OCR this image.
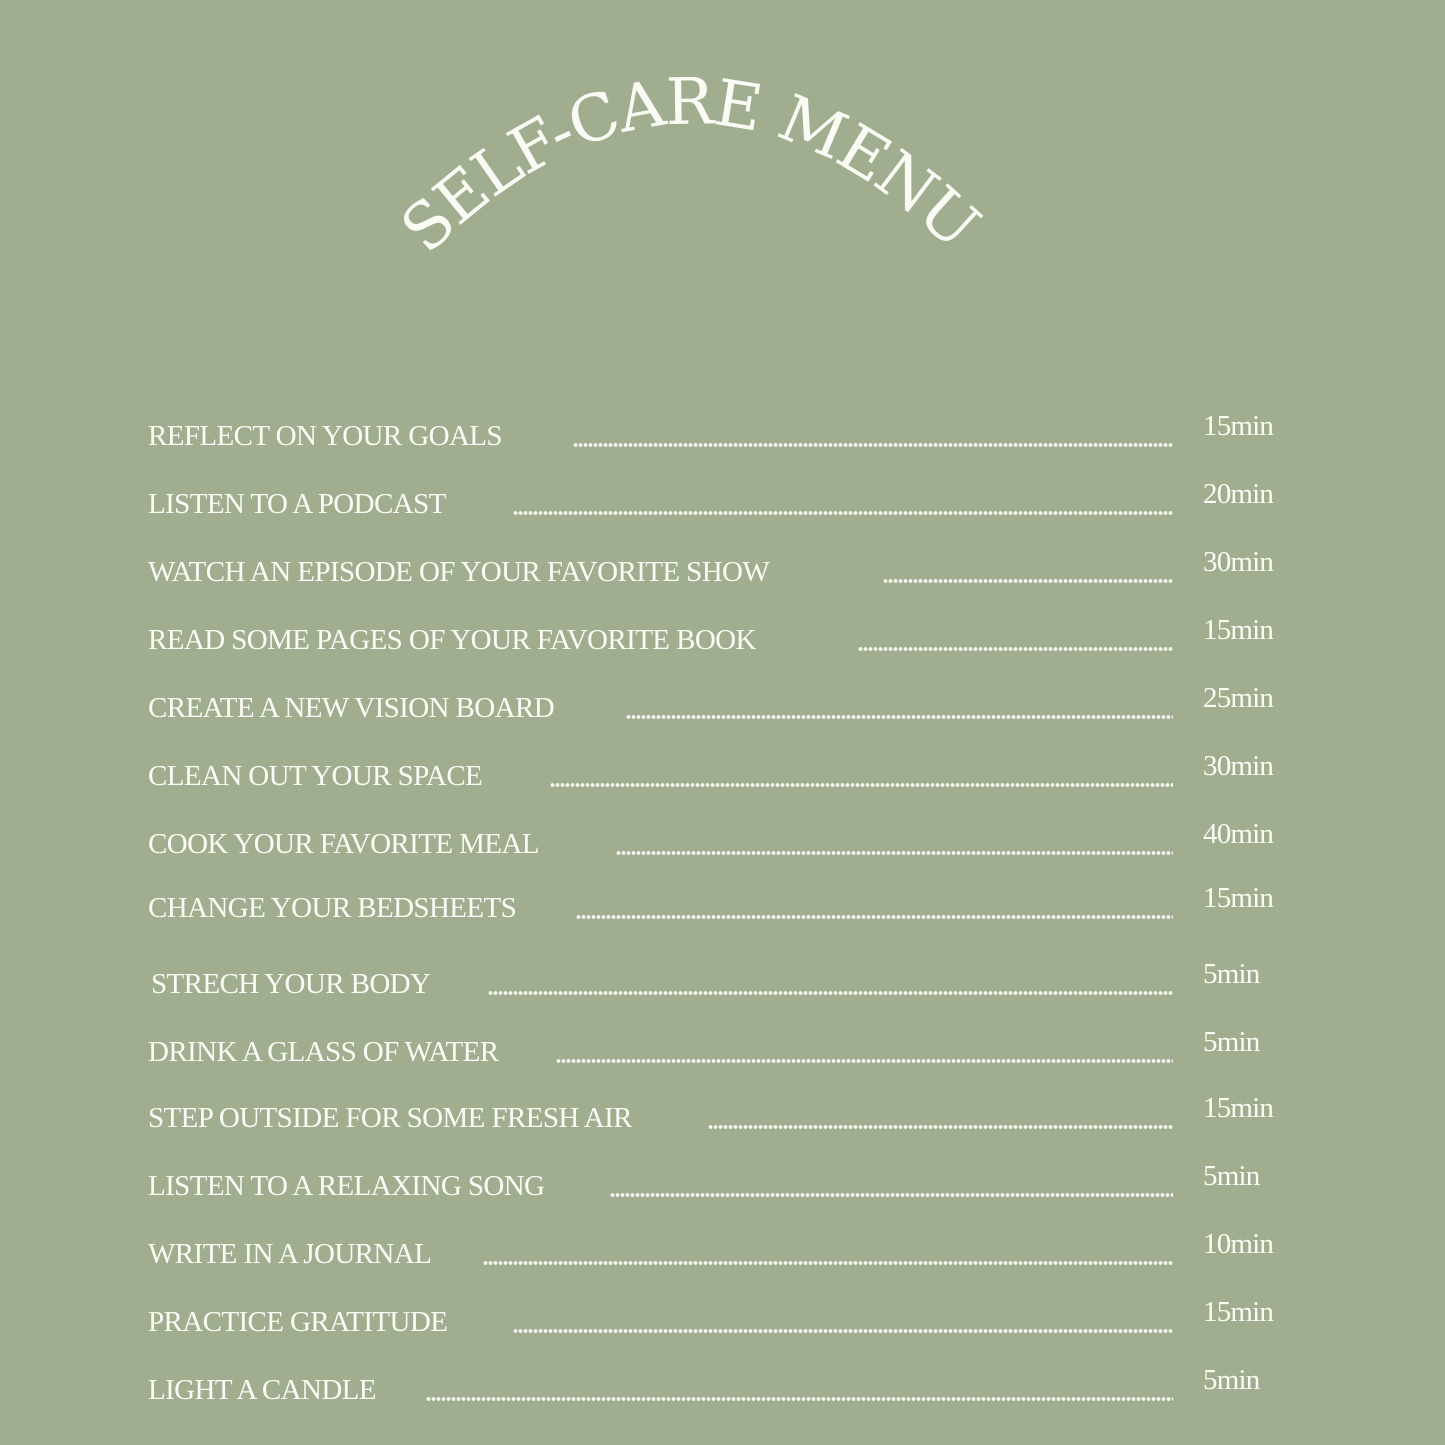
SELF-CARE MENU
REFLECT ON YOUR GOALS	15min
LISTEN TO A PODCAST	20min
WATCH AN EPISODE OF YOUR FAVORITE SHOW	30min
READ SOME PAGES OF YOUR FAVORITE BOOK	15min
CREATE A NEW VISION BOARD	25min
CLEAN OUT YOUR SPACE	30min
COOK YOUR FAVORITE MEAL	40min
CHANGE YOUR BEDSHEETS	15min
STRECH YOUR BODY	5min
DRINK A GLASS OF WATER	5min
STEP OUTSIDE FOR SOME FRESH AIR	15min
LISTEN TO A RELAXING SONG	5min
WRITE IN A JOURNAL	10min
PRACTICE GRATITUDE	15min
LIGHT A CANDLE	5min
